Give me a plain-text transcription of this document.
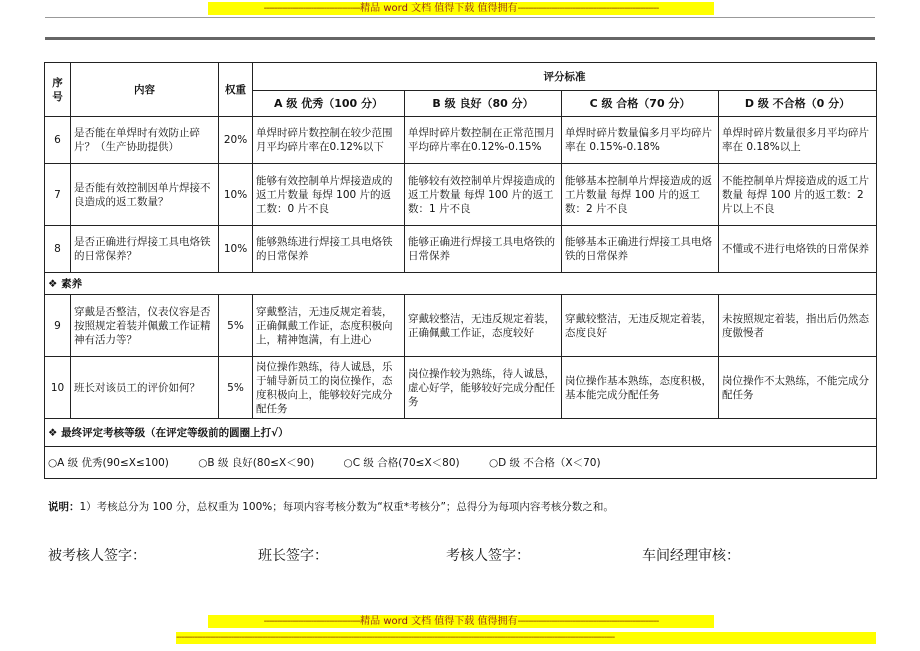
-------------------------------------精品 word 文档 值得下载 值得拥有------------------------------------------------------
序号	内容	权重	评分标准			
			A 级 优秀（100 分）	B 级 良好（80 分）	C 级 合格（70 分）	D 级 不合格（0 分）
6	是否能在单焊时有效防止碎片？（生产协助提供）	20%	单焊时碎片数控制在较少范围月平均碎片率在0.12%以下	单焊时碎片数控制在正常范围月平均碎片率在0.12%-0.15%	单焊时碎片数量偏多月平均碎片率在 0.15%-0.18%	单焊时碎片数量很多月平均碎片率在 0.18%以上
7	是否能有效控制因单片焊接不良造成的返工数量？	10%	能够有效控制单片焊接造成的返工片数量 每焊 100 片的返工数：0 片不良	能够较有效控制单片焊接造成的返工片数量 每焊 100 片的返工数：1 片不良	能够基本控制单片焊接造成的返工片数量 每焊 100 片的返工数：2 片不良	不能控制单片焊接造成的返工片数量 每焊 100 片的返工数：2 片以上不良
8	是否正确进行焊接工具电烙铁的日常保养？	10%	能够熟练进行焊接工具电烙铁的日常保养	能够正确进行焊接工具电烙铁的日常保养	能够基本正确进行焊接工具电烙铁的日常保养	不懂或不进行电烙铁的日常保养
❖ 素养						
9	穿戴是否整洁，仪表仪容是否按照规定着装并佩戴工作证精神有活力等？	5%	穿戴整洁，无违反规定着装，正确佩戴工作证，态度积极向上，精神饱满，有上进心	穿戴较整洁，无违反规定着装，正确佩戴工作证，态度较好	穿戴较整洁，无违反规定着装，态度良好	未按照规定着装，指出后仍然态度傲慢者
10	班长对该员工的评价如何？	5%	岗位操作熟练，待人诚恳，乐于辅导新员工的岗位操作，态度积极向上，能够较好完成分配任务	岗位操作较为熟练，待人诚恳，虚心好学，能够较好完成分配任务	岗位操作基本熟练，态度积极，基本能完成分配任务	岗位操作不太熟练，不能完成分配任务
❖ 最终评定考核等级（在评定等级前的圆圈上打√）						
○A 级 优秀(90≤X≤100) ○B 级 良好(80≤X＜90) ○C 级 合格(70≤X＜80) ○D 级 不合格（X＜70)						
说明：1）考核总分为 100 分，总权重为 100%；每项内容考核分数为“权重*考核分”；总得分为每项内容考核分数之和。
被考核人签字：	班长签字：	考核人签字：	车间经理审核：
-------------------------------------精品 word 文档 值得下载 值得拥有------------------------------------------------------
------------------------------------------------------------------------------------------------------------------------------------------------------------------------
